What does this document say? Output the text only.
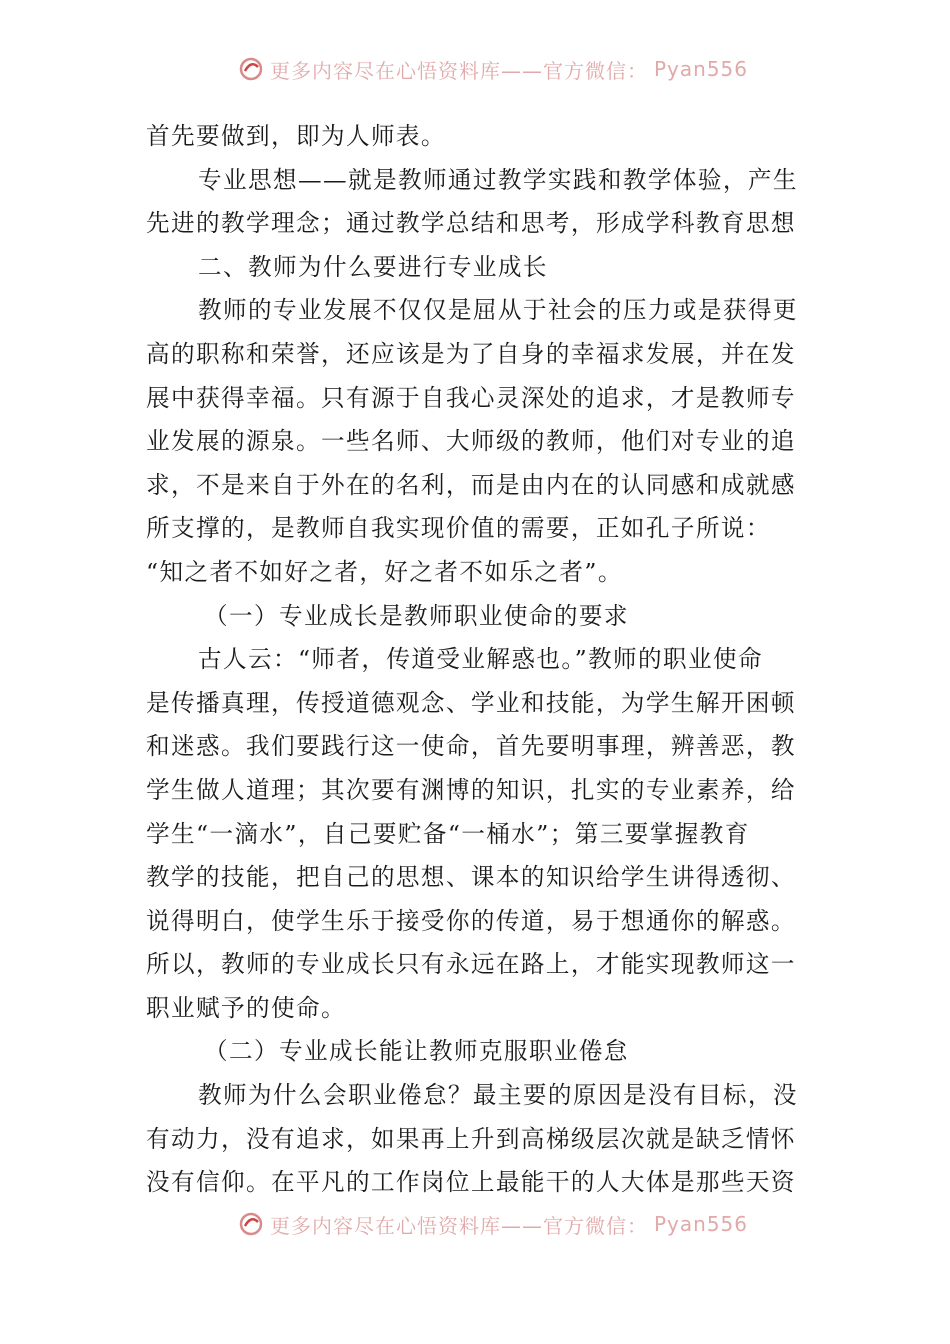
更多内容尽在心悟资料库——官方微信： Pyan556
首先要做到，即为人师表。
专业思想——就是教师通过教学实践和教学体验，产生
先进的教学理念；通过教学总结和思考，形成学科教育思想
二、教师为什么要进行专业成长
教师的专业发展不仅仅是屈从于社会的压力或是获得更
高的职称和荣誉，还应该是为了自身的幸福求发展，并在发
展中获得幸福。只有源于自我心灵深处的追求，才是教师专
业发展的源泉。一些名师、大师级的教师，他们对专业的追
求，不是来自于外在的名利，而是由内在的认同感和成就感
所支撑的，是教师自我实现价值的需要，正如孔子所说：
“知之者不如好之者，好之者不如乐之者”。
（一）专业成长是教师职业使命的要求
古人云：“师者，传道受业解惑也。”教师的职业使命
是传播真理，传授道德观念、学业和技能，为学生解开困顿
和迷惑。我们要践行这一使命，首先要明事理，辨善恶，教
学生做人道理；其次要有渊博的知识，扎实的专业素养，给
学生“一滴水”，自己要贮备“一桶水”；第三要掌握教育
教学的技能，把自己的思想、课本的知识给学生讲得透彻、
说得明白，使学生乐于接受你的传道，易于想通你的解惑。
所以，教师的专业成长只有永远在路上，才能实现教师这一
职业赋予的使命。
（二）专业成长能让教师克服职业倦怠
教师为什么会职业倦怠？最主要的原因是没有目标，没
有动力，没有追求，如果再上升到高梯级层次就是缺乏情怀
没有信仰。在平凡的工作岗位上最能干的人大体是那些天资
更多内容尽在心悟资料库——官方微信： Pyan556
